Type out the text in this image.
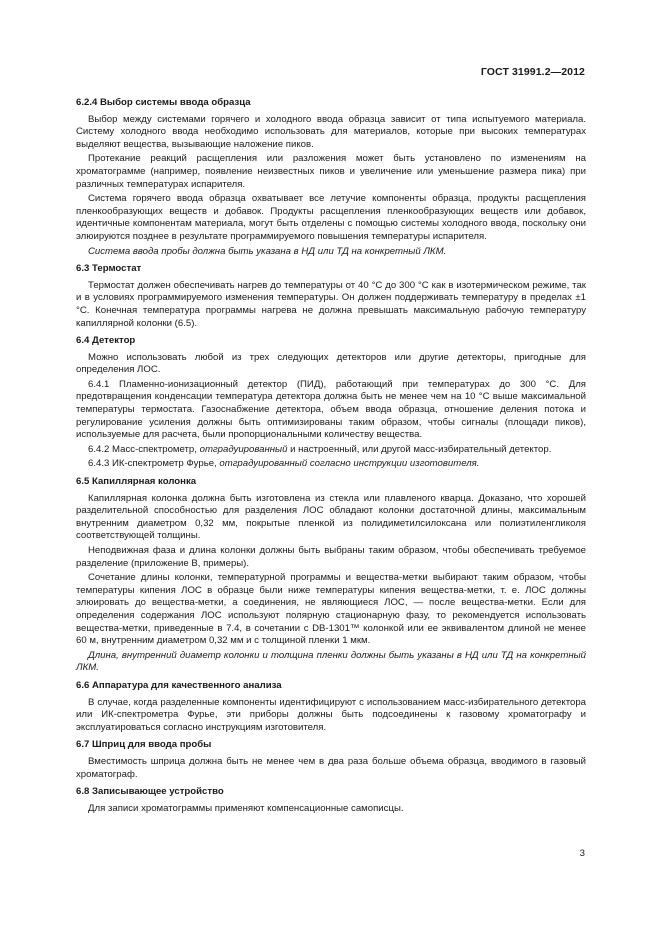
ГОСТ 31991.2—2012
6.2.4 Выбор системы ввода образца
Выбор между системами горячего и холодного ввода образца зависит от типа испытуемого материала. Систему холодного ввода необходимо использовать для материалов, которые при высоких температурах выделяют вещества, вызывающие наложение пиков.
Протекание реакций расщепления или разложения может быть установлено по изменениям на хроматограмме (например, появление неизвестных пиков и увеличение или уменьшение размера пика) при различных температурах испарителя.
Система горячего ввода образца охватывает все летучие компоненты образца, продукты расщепления пленкообразующих веществ и добавок. Продукты расщепления пленкообразующих веществ или добавок, идентичные компонентам материала, могут быть отделены с помощью системы холодного ввода, поскольку они элюируются позднее в результате программируемого повышения температуры испарителя.
Система ввода пробы должна быть указана в НД или ТД на конкретный ЛКМ.
6.3 Термостат
Термостат должен обеспечивать нагрев до температуры от 40 °С до 300 °С как в изотермическом режиме, так и в условиях программируемого изменения температуры. Он должен поддерживать температуру в пределах ±1 °С. Конечная температура программы нагрева не должна превышать максимальную рабочую температуру капиллярной колонки (6.5).
6.4 Детектор
Можно использовать любой из трех следующих детекторов или другие детекторы, пригодные для определения ЛОС.
6.4.1 Пламенно-ионизационный детектор (ПИД), работающий при температурах до 300 °С. Для предотвращения конденсации температура детектора должна быть не менее чем на 10 °С выше максимальной температуры термостата. Газоснабжение детектора, объем ввода образца, отношение деления потока и регулирование усиления должны быть оптимизированы таким образом, чтобы сигналы (площади пиков), используемые для расчета, были пропорциональными количеству вещества.
6.4.2 Масс-спектрометр, отградуированный и настроенный, или другой масс-избирательный детектор.
6.4.3 ИК-спектрометр Фурье, отградуированный согласно инструкции изготовителя.
6.5 Капиллярная колонка
Капиллярная колонка должна быть изготовлена из стекла или плавленого кварца. Доказано, что хорошей разделительной способностью для разделения ЛОС обладают колонки достаточной длины, максимальным внутренним диаметром 0,32 мм, покрытые пленкой из полидиметилсилоксана или полиэтиленгликоля соответствующей толщины.
Неподвижная фаза и длина колонки должны быть выбраны таким образом, чтобы обеспечивать требуемое разделение (приложение В, примеры).
Сочетание длины колонки, температурной программы и вещества-метки выбирают таким образом, чтобы температуры кипения ЛОС в образце были ниже температуры кипения вещества-метки, т. е. ЛОС должны элюировать до вещества-метки, а соединения, не являющиеся ЛОС, — после вещества-метки. Если для определения содержания ЛОС используют полярную стационарную фазу, то рекомендуется использовать вещества-метки, приведенные в 7.4, в сочетании с DB-1301™ колонкой или ее эквивалентом длиной не менее 60 м, внутренним диаметром 0,32 мм и с толщиной пленки 1 мкм.
Длина, внутренний диаметр колонки и толщина пленки должны быть указаны в НД или ТД на конкретный ЛКМ.
6.6 Аппаратура для качественного анализа
В случае, когда разделенные компоненты идентифицируют с использованием масс-избирательного детектора или ИК-спектрометра Фурье, эти приборы должны быть подсоединены к газовому хроматографу и эксплуатироваться согласно инструкциям изготовителя.
6.7 Шприц для ввода пробы
Вместимость шприца должна быть не менее чем в два раза больше объема образца, вводимого в газовый хроматограф.
6.8 Записывающее устройство
Для записи хроматограммы применяют компенсационные самописцы.
3
